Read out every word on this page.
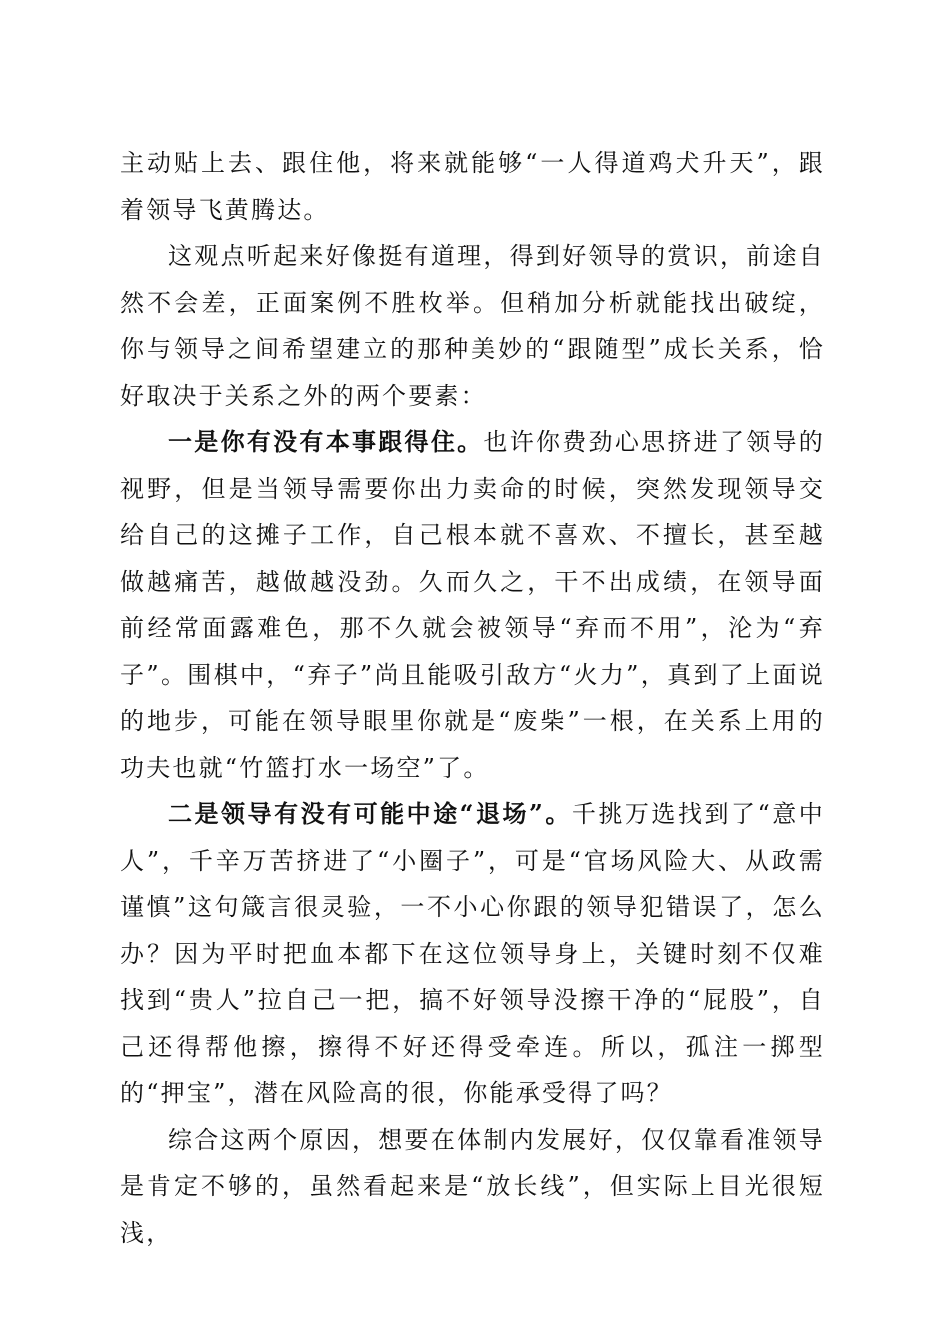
主动贴上去、跟住他，将来就能够“一人得道鸡犬升天”，跟着领导飞黄腾达。

这观点听起来好像挺有道理，得到好领导的赏识，前途自然不会差，正面案例不胜枚举。但稍加分析就能找出破绽，你与领导之间希望建立的那种美妙的“跟随型”成长关系，恰好取决于关系之外的两个要素：

一是你有没有本事跟得住。也许你费劲心思挤进了领导的视野，但是当领导需要你出力卖命的时候，突然发现领导交给自己的这摊子工作，自己根本就不喜欢、不擅长，甚至越做越痛苦，越做越没劲。久而久之，干不出成绩，在领导面前经常面露难色，那不久就会被领导“弃而不用”，沦为“弃子”。围棋中，“弃子”尚且能吸引敌方“火力”，真到了上面说的地步，可能在领导眼里你就是“废柴”一根，在关系上用的功夫也就“竹篮打水一场空”了。

二是领导有没有可能中途“退场”。千挑万选找到了“意中人”，千辛万苦挤进了“小圈子”，可是“官场风险大、从政需谨慎”这句箴言很灵验，一不小心你跟的领导犯错误了，怎么办？因为平时把血本都下在这位领导身上，关键时刻不仅难找到“贵人”拉自己一把，搞不好领导没擦干净的“屁股”，自己还得帮他擦，擦得不好还得受牵连。所以，孤注一掷型的“押宝”，潜在风险高的很，你能承受得了吗？

综合这两个原因，想要在体制内发展好，仅仅靠看准领导是肯定不够的，虽然看起来是“放长线”，但实际上目光很短浅，
